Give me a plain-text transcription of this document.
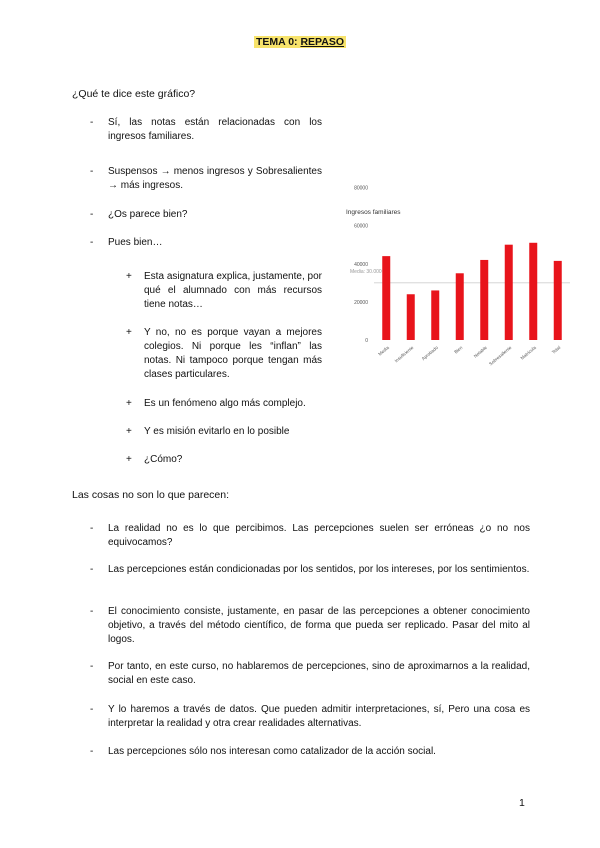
TEMA 0: REPASO
¿Qué te dice este gráfico?
- Sí, las notas están relacionadas con los ingresos familiares.
- Suspensos → menos ingresos y Sobresalientes → más ingresos.
- ¿Os parece bien?
- Pues bien…
+ Esta asignatura explica, justamente, por qué el alumnado con más recursos tiene notas…
+ Y no, no es porque vayan a mejores colegios. Ni porque les “inflan” las notas. Ni tampoco porque tengan más clases particulares.
+ Es un fenómeno algo más complejo.
+ Y es misión evitarlo en lo posible
+ ¿Cómo?
Ingresos familiares
0
20000
40000
60000
80000
Media: 30.000
Media Insuficiente Aprobado	Bien Notable Sobresaliente Matrícula	Total
Las cosas no son lo que parecen:
- La realidad no es lo que percibimos. Las percepciones suelen ser erróneas ¿o no nos equivocamos?
- Las percepciones están condicionadas por los sentidos, por los intereses, por los sentimientos.
- El conocimiento consiste, justamente, en pasar de las percepciones a obtener conocimiento objetivo, a través del método científico, de forma que pueda ser replicado. Pasar del mito al logos.
- Por tanto, en este curso, no hablaremos de percepciones, sino de aproximarnos a la realidad, social en este caso.
- Y lo haremos a través de datos. Que pueden admitir interpretaciones, sí, Pero una cosa es interpretar la realidad y otra crear realidades alternativas.
- Las percepciones sólo nos interesan como catalizador de la acción social.
1
